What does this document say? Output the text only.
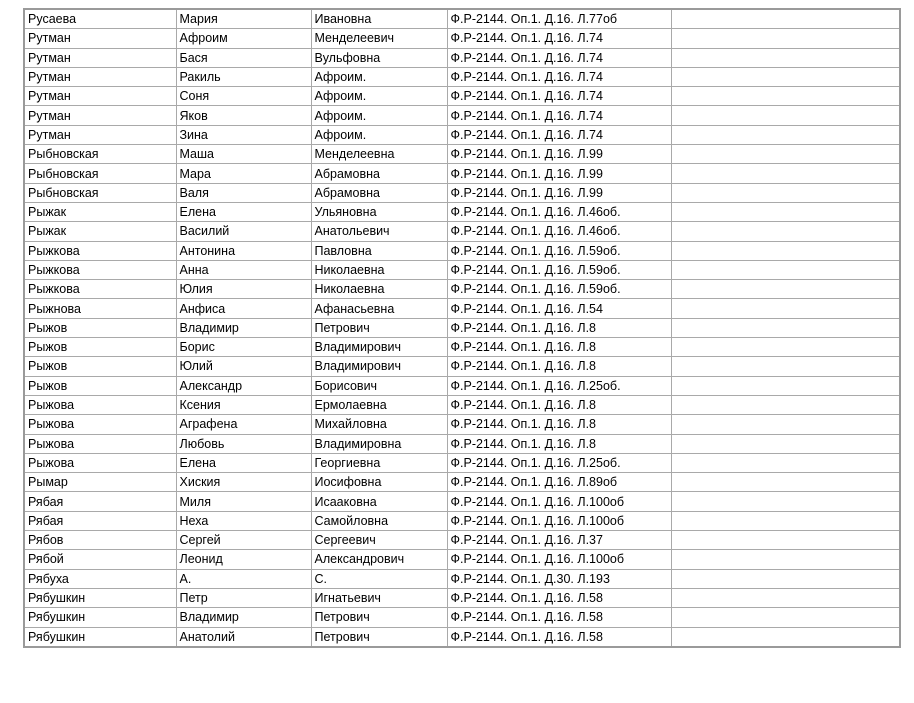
Русаева	Мария	Ивановна	Ф.Р-2144. Оп.1. Д.16. Л.77об	
Рутман	Афроим	Менделеевич	Ф.Р-2144. Оп.1. Д.16. Л.74	
Рутман	Бася	Вульфовна	Ф.Р-2144. Оп.1. Д.16. Л.74	
Рутман	Ракиль	Афроим.	Ф.Р-2144. Оп.1. Д.16. Л.74	
Рутман	Соня	Афроим.	Ф.Р-2144. Оп.1. Д.16. Л.74	
Рутман	Яков	Афроим.	Ф.Р-2144. Оп.1. Д.16. Л.74	
Рутман	Зина	Афроим.	Ф.Р-2144. Оп.1. Д.16. Л.74	
Рыбновская	Маша	Менделеевна	Ф.Р-2144. Оп.1. Д.16. Л.99	
Рыбновская	Мара	Абрамовна	Ф.Р-2144. Оп.1. Д.16. Л.99	
Рыбновская	Валя	Абрамовна	Ф.Р-2144. Оп.1. Д.16. Л.99	
Рыжак	Елена	Ульяновна	Ф.Р-2144. Оп.1. Д.16. Л.46об.	
Рыжак	Василий	Анатольевич	Ф.Р-2144. Оп.1. Д.16. Л.46об.	
Рыжкова	Антонина	Павловна	Ф.Р-2144. Оп.1. Д.16. Л.59об.	
Рыжкова	Анна	Николаевна	Ф.Р-2144. Оп.1. Д.16. Л.59об.	
Рыжкова	Юлия	Николаевна	Ф.Р-2144. Оп.1. Д.16. Л.59об.	
Рыжнова	Анфиса	Афанасьевна	Ф.Р-2144. Оп.1. Д.16. Л.54	
Рыжов	Владимир	Петрович	Ф.Р-2144. Оп.1. Д.16. Л.8	
Рыжов	Борис	Владимирович	Ф.Р-2144. Оп.1. Д.16. Л.8	
Рыжов	Юлий	Владимирович	Ф.Р-2144. Оп.1. Д.16. Л.8	
Рыжов	Александр	Борисович	Ф.Р-2144. Оп.1. Д.16. Л.25об.	
Рыжова	Ксения	Ермолаевна	Ф.Р-2144. Оп.1. Д.16. Л.8	
Рыжова	Аграфена	Михайловна	Ф.Р-2144. Оп.1. Д.16. Л.8	
Рыжова	Любовь	Владимировна	Ф.Р-2144. Оп.1. Д.16. Л.8	
Рыжова	Елена	Георгиевна	Ф.Р-2144. Оп.1. Д.16. Л.25об.	
Рымар	Хиския	Иосифовна	Ф.Р-2144. Оп.1. Д.16. Л.89об	
Рябая	Миля	Исааковна	Ф.Р-2144. Оп.1. Д.16. Л.100об	
Рябая	Неха	Самойловна	Ф.Р-2144. Оп.1. Д.16. Л.100об	
Рябов	Сергей	Сергеевич	Ф.Р-2144. Оп.1. Д.16. Л.37	
Рябой	Леонид	Александрович	Ф.Р-2144. Оп.1. Д.16. Л.100об	
Рябуха	А.	С.	Ф.Р-2144. Оп.1. Д.30. Л.193	
Рябушкин	Петр	Игнатьевич	Ф.Р-2144. Оп.1. Д.16. Л.58	
Рябушкин	Владимир	Петрович	Ф.Р-2144. Оп.1. Д.16. Л.58	
Рябушкин	Анатолий	Петрович	Ф.Р-2144. Оп.1. Д.16. Л.58	
